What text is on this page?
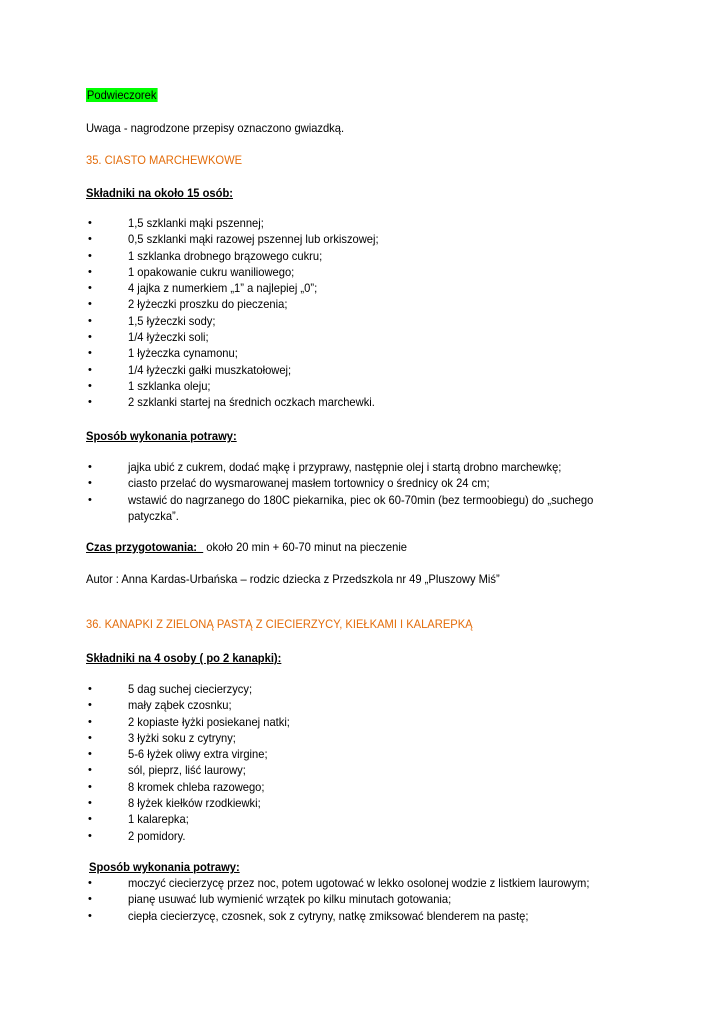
Podwieczorek
Uwaga - nagrodzone przepisy oznaczono gwiazdką.
35. CIASTO MARCHEWKOWE
Składniki na około 15 osób:
•	1,5 szklanki mąki pszennej;
•	0,5 szklanki mąki razowej pszennej lub orkiszowej;
•	1 szklanka drobnego brązowego cukru;
•	1 opakowanie cukru waniliowego;
•	4 jajka z numerkiem „1” a najlepiej „0”;
•	2 łyżeczki proszku do pieczenia;
•	1,5 łyżeczki sody;
•	1/4 łyżeczki soli;
•	1 łyżeczka cynamonu;
•	1/4 łyżeczki gałki muszkatołowej;
•	1 szklanka oleju;
•	2 szklanki startej na średnich oczkach marchewki.
Sposób wykonania potrawy:
•	jajka ubić z cukrem, dodać mąkę i przyprawy, następnie olej i startą drobno marchewkę;
•	ciasto przelać do wysmarowanej masłem tortownicy o średnicy ok 24 cm;
•	wstawić do nagrzanego do 180C piekarnika, piec ok 60-70min (bez termoobiegu) do „suchego patyczka”.
Czas przygotowania:   około 20 min + 60-70 minut na pieczenie
Autor : Anna Kardas-Urbańska – rodzic dziecka z Przedszkola nr 49 „Pluszowy Miś”
36. KANAPKI Z ZIELONĄ PASTĄ Z CIECIERZYCY, KIEŁKAMI I KALAREPKĄ
Składniki na 4 osoby ( po 2 kanapki):
•	5 dag suchej ciecierzycy;
•	mały ząbek czosnku;
•	2 kopiaste łyżki posiekanej natki;
•	3 łyżki soku z cytryny;
•	5-6 łyżek oliwy extra virgine;
•	sól, pieprz, liść laurowy;
•	8 kromek chleba razowego;
•	8 łyżek kiełków rzodkiewki;
•	1 kalarepka;
•	2 pomidory.
Sposób wykonania potrawy:
•	moczyć ciecierzycę przez noc, potem ugotować w lekko osolonej wodzie z listkiem laurowym;
•	pianę usuwać lub wymienić wrzątek po kilku minutach gotowania;
•	ciepła ciecierzycę, czosnek, sok z cytryny, natkę zmiksować blenderem na pastę;
